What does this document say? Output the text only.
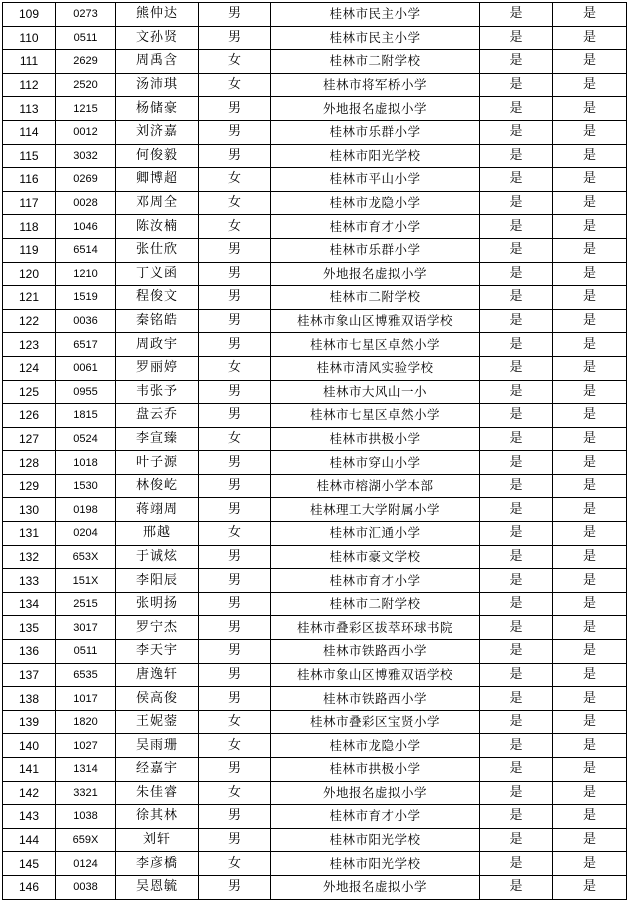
109	0273	熊仲达	男	桂林市民主小学	是	是
110	0511	文孙贤	男	桂林市民主小学	是	是
111	2629	周禹含	女	桂林市二附学校	是	是
112	2520	汤沛琪	女	桂林市将军桥小学	是	是
113	1215	杨储豪	男	外地报名虚拟小学	是	是
114	0012	刘济嘉	男	桂林市乐群小学	是	是
115	3032	何俊毅	男	桂林市阳光学校	是	是
116	0269	卿博超	女	桂林市平山小学	是	是
117	0028	邓周全	女	桂林市龙隐小学	是	是
118	1046	陈汝楠	女	桂林市育才小学	是	是
119	6514	张仕欣	男	桂林市乐群小学	是	是
120	1210	丁义函	男	外地报名虚拟小学	是	是
121	1519	程俊文	男	桂林市二附学校	是	是
122	0036	秦铭皓	男	桂林市象山区博雅双语学校	是	是
123	6517	周政宇	男	桂林市七星区卓然小学	是	是
124	0061	罗丽婷	女	桂林市清风实验学校	是	是
125	0955	韦张予	男	桂林市大风山一小	是	是
126	1815	盘云乔	男	桂林市七星区卓然小学	是	是
127	0524	李宣臻	女	桂林市拱极小学	是	是
128	1018	叶子源	男	桂林市穿山小学	是	是
129	1530	林俊屹	男	桂林市榕湖小学本部	是	是
130	0198	蒋翊周	男	桂林理工大学附属小学	是	是
131	0204	邢越	女	桂林市汇通小学	是	是
132	653X	于诚炫	男	桂林市豪文学校	是	是
133	151X	李阳辰	男	桂林市育才小学	是	是
134	2515	张明扬	男	桂林市二附学校	是	是
135	3017	罗宁杰	男	桂林市叠彩区拔萃环球书院	是	是
136	0511	李天宇	男	桂林市铁路西小学	是	是
137	6535	唐逸轩	男	桂林市象山区博雅双语学校	是	是
138	1017	侯高俊	男	桂林市铁路西小学	是	是
139	1820	王妮蓥	女	桂林市叠彩区宝贤小学	是	是
140	1027	吴雨珊	女	桂林市龙隐小学	是	是
141	1314	经嘉宇	男	桂林市拱极小学	是	是
142	3321	朱佳睿	女	外地报名虚拟小学	是	是
143	1038	徐其林	男	桂林市育才小学	是	是
144	659X	刘轩	男	桂林市阳光学校	是	是
145	0124	李彦橋	女	桂林市阳光学校	是	是
146	0038	吴恩毓	男	外地报名虚拟小学	是	是
